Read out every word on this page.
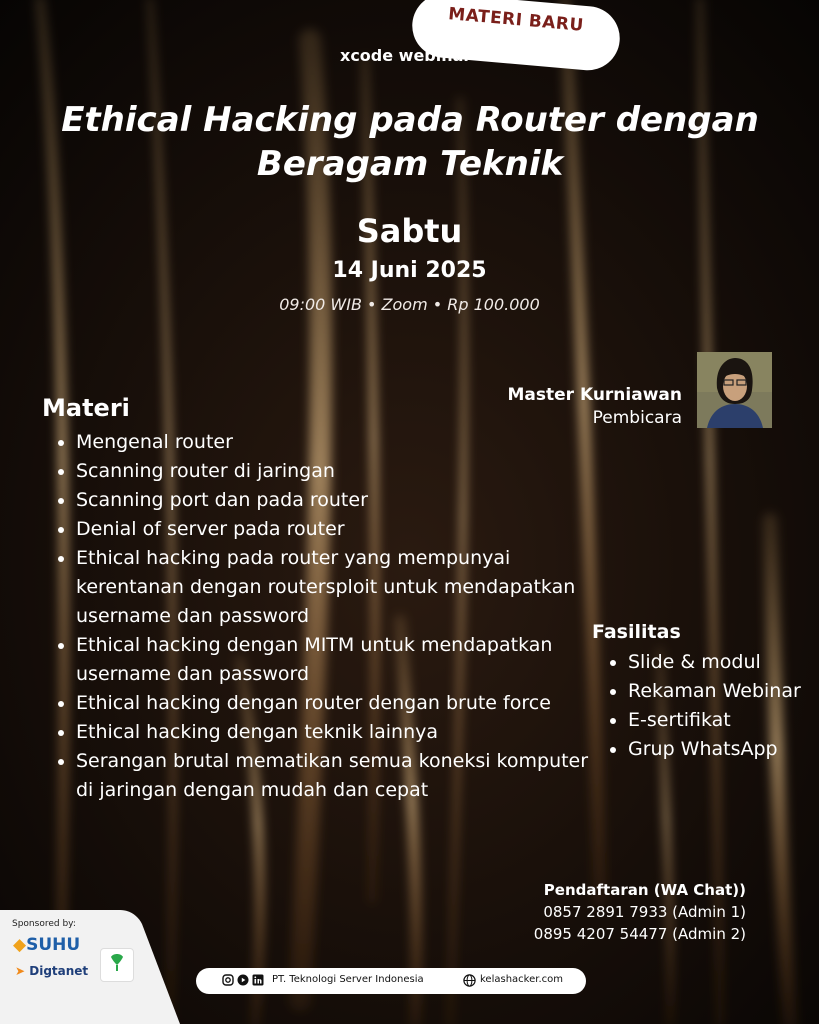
MATERI BARU
xcode webinar
Ethical Hacking pada Router dengan Beragam Teknik
Sabtu
14 Juni 2025
09:00 WIB • Zoom • Rp 100.000
Master Kurniawan
Pembicara
Materi
• Mengenal router
• Scanning router di jaringan
• Scanning port dan pada router
• Denial of server pada router
• Ethical hacking pada router yang mempunyai kerentanan dengan routersploit untuk mendapatkan username dan password
• Ethical hacking dengan MITM untuk mendapatkan username dan password
• Ethical hacking dengan router dengan brute force
• Ethical hacking dengan teknik lainnya
• Serangan brutal mematikan semua koneksi komputer di jaringan dengan mudah dan cepat
Fasilitas
• Slide & modul
• Rekaman Webinar
• E-sertifikat
• Grup WhatsApp
Pendaftaran (WA Chat))
0857 2891 7933 (Admin 1)
0895 4207 54477 (Admin 2)
Sponsored by:
◆SUHU
➤ Digtanet
PT. Teknologi Server Indonesia	kelashacker.com
